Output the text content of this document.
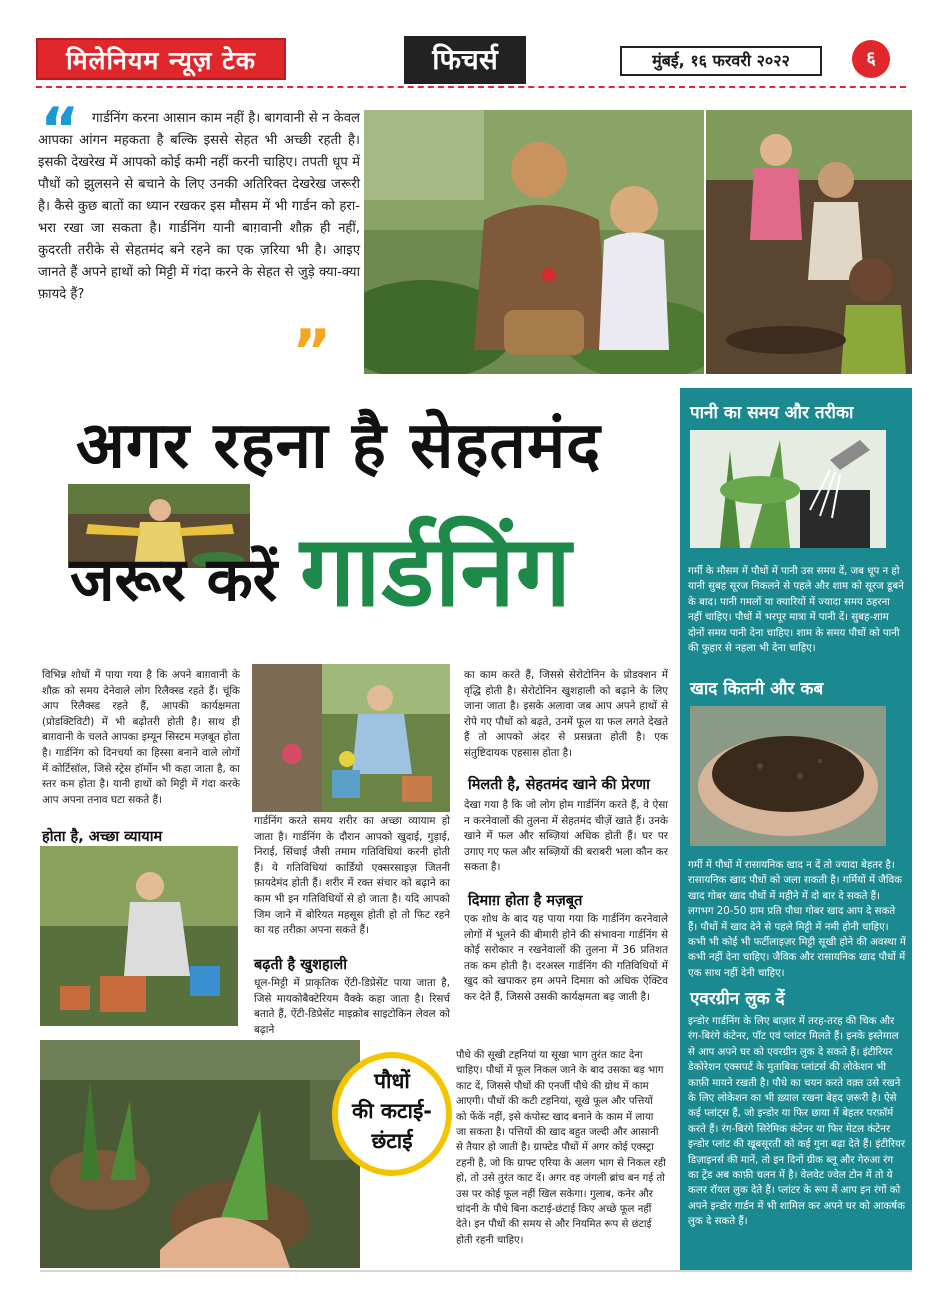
मिलेनियम न्यूज़ टेक	फिचर्स	मुंबई, १६ फरवरी २०२२	६
“ गार्डनिंग करना आसान काम नहीं है। बागवानी से न केवल आपका आंगन महकता है बल्कि इससे सेहत भी अच्छी रहती है। इसकी देखरेख में आपको कोई कमी नहीं करनी चाहिए। तपती धूप में पौधों को झुलसने से बचाने के लिए उनकी अतिरिक्त देखरेख जरूरी है। कैसे कुछ बातों का ध्यान रखकर इस मौसम में भी गार्डन को हरा-भरा रखा जा सकता है। गार्डनिंग यानी बाग़वानी शौक़ ही नहीं, कुदरती तरीके से सेहतमंद बने रहने का एक ज़रिया भी है। आइए जानते हैं अपने हाथों को मिट्टी में गंदा करने के सेहत से जुड़े क्या-क्या फ़ायदे हैं?
”
अगर रहना है सेहतमंद
जरूर करें गार्डनिंग
विभिन्न शोधों में पाया गया है कि अपने बाग़वानी के शौक़ को समय देनेवाले लोग रिलैक्स्ड रहते हैं। चूंकि आप रिलैक्स्ड रहते हैं, आपकी कार्यक्षमता (प्रोडक्टिविटी) में भी बढ़ोतरी होती है। साथ ही बाग़वानी के चलते आपका इम्यून सिस्टम मज़बूत होता है। गार्डनिंग को दिनचर्या का हिस्सा बनाने वाले लोगों में कोर्टिसॉल, जिसे स्ट्रेस हॉर्मोन भी कहा जाता है, का स्तर कम होता है। यानी हाथों को मिट्टी में गंदा करके आप अपना तनाव घटा सकते हैं।
होता है, अच्छा व्यायाम
गार्डनिंग करते समय शरीर का अच्छा व्यायाम हो जाता है। गार्डनिंग के दौरान आपको खुदाई, गुड़ाई, निराई, सिंचाई जैसी तमाम गतिविधियां करनी होती हैं। ये गतिविधियां कार्डियो एक्सरसाइज़ जितनी फ़ायदेमंद होती हैं। शरीर में रक्त संचार को बढ़ाने का काम भी इन गतिविधियों से हो जाता है। यदि आपको जिम जाने में बोरियत महसूस होती हो तो फिट रहने का यह तरीक़ा अपना सकते हैं।
बढ़ती है खुशहाली
धूल-मिट्टी में प्राकृतिक ऐंटी-डिप्रेसेंट पाया जाता है, जिसे मायकोबैक्टेरियम वैक्के कहा जाता है। रिसर्च बताते हैं, ऐंटी-डिप्रेसेंट माइक्रोब साइटोकिन लेवल को बढ़ाने
का काम करते हैं, जिससे सेरोटोनिन के प्रोडक्शन में वृद्धि होती है। सेरोटोनिन खुशहाली को बढ़ाने के लिए जाना जाता है। इसके अलावा जब आप अपने हाथों से रोपे गए पौधों को बढ़ते, उनमें फूल या फल लगते देखते हैं तो आपको अंदर से प्रसन्नता होती है। एक संतुष्टिदायक एहसास होता है।
मिलती है, सेहतमंद खाने की प्रेरणा
देखा गया है कि जो लोग होम गार्डनिंग करते हैं, वे ऐसा न करनेवालों की तुलना में सेहतमंद चीज़ें खाते हैं। उनके खाने में फल और सब्ज़ियां अधिक होती हैं। घर पर उगाए गए फल और सब्ज़ियों की बराबरी भला कौन कर सकता है।
दिमाग़ होता है मज़बूत
एक शोध के बाद यह पाया गया कि गार्डनिंग करनेवाले लोगों में भूलने की बीमारी होने की संभावना गार्डनिंग से कोई सरोकार न रखनेवालों की तुलना में 36 प्रतिशत तक कम होती है। दरअस्ल गार्डनिंग की गतिविधियों में खुद को खपाकर हम अपने दिमाग़ को अधिक ऐक्टिव कर देते हैं, जिससे उसकी कार्यक्षमता बढ़ जाती है।
पानी का समय और तरीका
गर्मी के मौसम में पौधों में पानी उस समय दें, जब धूप न हो यानी सुबह सूरज निकलने से पहले और शाम को सूरज डूबने के बाद। पानी गमलों या क्यारियों में ज्यादा समय ठहरना नहीं चाहिए। पौधों में भरपूर मात्रा में पानी दें। सुबह-शाम दोनों समय पानी देना चाहिए। शाम के समय पौधों को पानी की फुहार से नहला भी देना चाहिए।
खाद कितनी और कब
गर्मी में पौधों में रासायनिक खाद न दें तो ज्यादा बेहतर है। रासायनिक खाद पौधों को जला सकती है। गर्मियों में जैविक खाद गोबर खाद पौधों में महीने में दो बार दे सकते हैं। लगभग 20-50 ग्राम प्रति पौधा गोबर खाद आप दे सकते हैं। पौधों में खाद देने से पहले मिट्टी में नमी होनी चाहिए। कभी भी कोई भी फर्टीलाइज़र मिट्टी सूखी होने की अवस्था में कभी नहीं देना चाहिए। जैविक और रासायनिक खाद पौधों में एक साथ नहीं देनी चाहिए।
एवरग्रीन लुक दें
इन्डोर गार्डनिंग के लिए बाज़ार में तरह-तरह की चिक और रंग-बिरंगे कंटेनर, पॉट एवं प्लांटर मिलते हैं। इनके इस्तेमाल से आप अपने घर को एवरग्रीन लुक दे सकते हैं। इंटीरियर डेकोरेशन एक्सपर्ट के मुताबिक प्लांटर्स की लोकेशन भी काफ़ी मायने रखती है। पौधे का चयन करते वक़्त उसे रखने के लिए लोकेशन का भी ख़्याल रखना बेहद ज़रूरी है। ऐसे कई प्लांट्स हैं, जो इन्डोर या फिर छाया में बेहतर परफ़ॉर्म करते हैं। रंग-बिरंगे सिरेमिक कंटेनर या फिर मेटल कंटेनर इन्डोर प्लांट की खूबसूरती को कई गुना बढ़ा देते हैं। इंटीरियर डिज़ाइनर्स की मानें, तो इन दिनों ग्रीक ब्लू और गेरुआ रंग का ट्रेंड अब काफ़ी चलन में है। वेलवेट ज्वेल टोन में तो ये कलर रॉयल लुक देते हैं। प्लांटर के रूप में आप इन रंगों को अपने इन्डोर गार्डन में भी शामिल कर अपने घर को आकर्षक लुक दे सकते हैं।
पौधों
की कटाई-
छंटाई
पौधे की सूखी टहनियां या सूखा भाग तुरंत काट देना चाहिए। पौधों में फूल निकल जाने के बाद उसका बड़ भाग काट दें, जिससे पौधों की एनर्जी पौधे की ग्रोथ में काम आएगी। पौधों की कटी टहनियां, सूखे फूल और पत्तियों को फेंकें नहीं, इसे कंपोस्ट खाद बनाने के काम में लाया जा सकता है। पत्तियों की खाद बहुत जल्दी और आसानी से तैयार हो जाती है। ग्राफ्टेड पौधों में अगर कोई एक्स्ट्रा टहनी है, जो कि ग्राफ्ट एरिया के अलग भाग से निकल रही हो, तो उसे तुरंत काट दें। अगर वह जंगली ब्रांच बन गई तो उस पर कोई फूल नहीं खिल सकेगा। गुलाब, कनेर और चांदनी के पौधे बिना कटाई-छंटाई किए अच्छे फूल नहीं देते। इन पौधों की समय से और नियमित रूप से छंटाई होती रहनी चाहिए।
